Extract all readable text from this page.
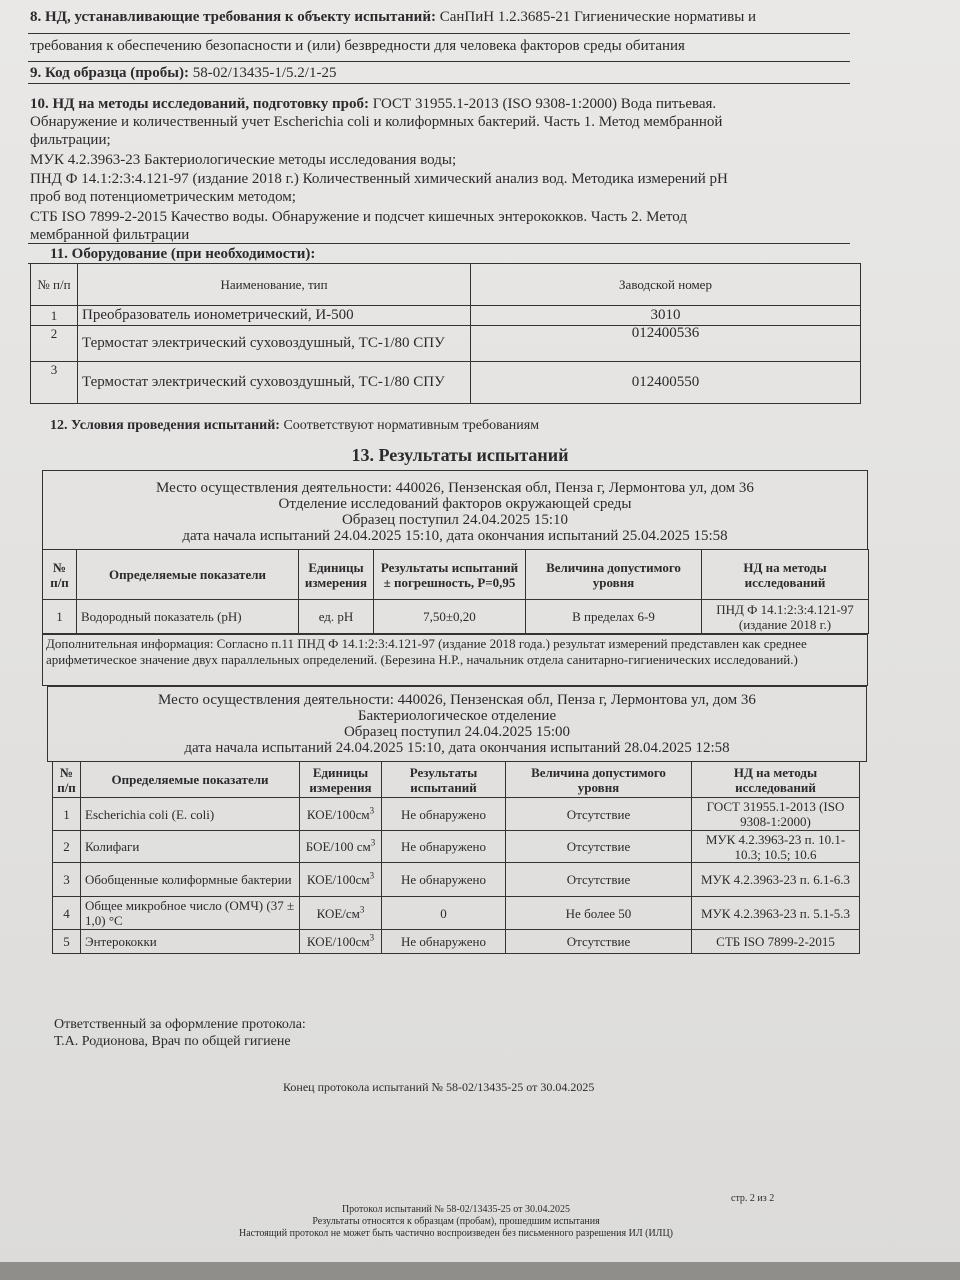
8. НД, устанавливающие требования к объекту испытаний: СанПиН 1.2.3685-21 Гигиенические нормативы и
требования к обеспечению безопасности и (или) безвредности для человека факторов среды обитания
9. Код образца (пробы): 58-02/13435-1/5.2/1-25
10. НД на методы исследований, подготовку проб: ГОСТ 31955.1-2013 (ISO 9308-1:2000) Вода питьевая.
Обнаружение и количественный учет Escherichia coli и колиформных бактерий. Часть 1. Метод мембранной
фильтрации;
МУК 4.2.3963-23 Бактериологические методы исследования воды;
ПНД Ф 14.1:2:3:4.121-97 (издание 2018 г.) Количественный химический анализ вод. Методика измерений рН
проб вод потенциометрическим методом;
СТБ ISO 7899-2-2015 Качество воды. Обнаружение и подсчет кишечных энтерококков. Часть 2. Метод
мембранной фильтрации
11. Оборудование (при необходимости):
№ п/п	Наименование, тип	Заводской номер
1	Преобразователь иономeтрический, И-500	3010
2	Термостат электрический суховоздушный, ТС-1/80 СПУ	012400536
3	Термостат электрический суховоздушный, ТС-1/80 СПУ	012400550
12. Условия проведения испытаний: Соответствуют нормативным требованиям
13. Результаты испытаний
Место осуществления деятельности: 440026, Пензенская обл, Пенза г, Лермонтова ул, дом 36
Отделение исследований факторов окружающей среды
Образец поступил 24.04.2025 15:10
дата начала испытаний 24.04.2025 15:10, дата окончания испытаний 25.04.2025 15:58
№ п/п	Определяемые показатели	Единицы измерения	Результаты испытаний ± погрешность, P=0,95	Величина допустимого уровня	НД на методы исследований
1	Водородный показатель (pH)	ед. pH	7,50±0,20	В пределах 6-9	ПНД Ф 14.1:2:3:4.121-97 (издание 2018 г.)
Дополнительная информация: Согласно п.11 ПНД Ф 14.1:2:3:4.121-97 (издание 2018 года.) результат измерений представлен как среднее арифметическое значение двух параллельных определений. (Березина Н.Р., начальник отдела санитарно-гигиенических исследований.)
Место осуществления деятельности: 440026, Пензенская обл, Пенза г, Лермонтова ул, дом 36
Бактериологическое отделение
Образец поступил 24.04.2025 15:00
дата начала испытаний 24.04.2025 15:10, дата окончания испытаний 28.04.2025 12:58
№ п/п	Определяемые показатели	Единицы измерения	Результаты испытаний	Величина допустимого уровня	НД на методы исследований
1	Escherichia coli (E. coli)	КОЕ/$100см^3$	Не обнаружено	Отсутствие	ГОСТ 31955.1-2013 (ISO 9308-1:2000)
2	Колифаги	БОЕ/100 $см^3$	Не обнаружено	Отсутствие	МУК 4.2.3963-23 п. 10.1-10.3; 10.5; 10.6
3	Обобщенные колиформные бактерии	КОЕ/$100см^3$	Не обнаружено	Отсутствие	МУК 4.2.3963-23 п. 6.1-6.3
4	Общее микробное число (ОМЧ) (37 ± 1,0) °С	КОЕ/$см^3$	0	Не более 50	МУК 4.2.3963-23 п. 5.1-5.3
5	Энтерококки	КОЕ/$100см^3$	Не обнаружено	Отсутствие	СТБ ISO 7899-2-2015
Ответственный за оформление протокола:
Т.А. Родионова, Врач по общей гигиене
Конец протокола испытаний № 58-02/13435-25 от 30.04.2025
стр. 2 из 2
Протокол испытаний № 58-02/13435-25 от 30.04.2025
Результаты относятся к образцам (пробам), прошедшим испытания
Настоящий протокол не может быть частично воспроизведен без письменного разрешения ИЛ (ИЛЦ)
